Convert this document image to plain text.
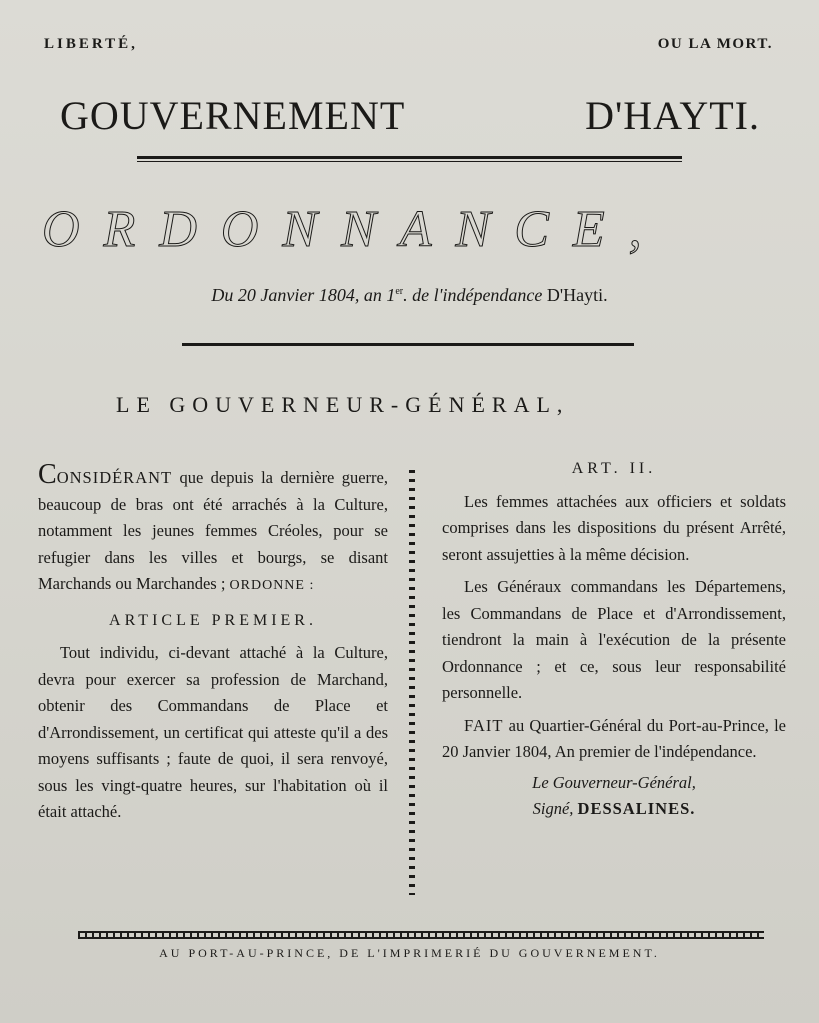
LIBERTÉ,	OU LA MORT.
GOUVERNEMENT	D'HAYTI.
ORDONNANCE,
Du 20 Janvier 1804, an 1er. de l'indépendance D'Hayti.
LE GOUVERNEUR-GÉNÉRAL,

CONSIDÉRANT que depuis la dernière guerre, beaucoup de bras ont été arrachés à la Culture, notamment les jeunes femmes Créoles, pour se refugier dans les villes et bourgs, se disant Marchands ou Marchandes ; ORDONNE :

ARTICLE PREMIER.

Tout individu, ci-devant attaché à la Culture, devra pour exercer sa profession de Marchand, obtenir des Commandans de Place et d'Arrondissement, un certificat qui atteste qu'il a des moyens suffisants ; faute de quoi, il sera renvoyé, sous les vingt-quatre heures, sur l'habitation où il était attaché.

ART. II.

Les femmes attachées aux officiers et soldats comprises dans les dispositions du présent Arrêté, seront assujetties à la même décision.

Les Généraux commandans les Départemens, les Commandans de Place et d'Arrondissement, tiendront la main à l'exécution de la présente Ordonnance ; et ce, sous leur responsabilité personnelle.

FAIT au Quartier-Général du Port-au-Prince, le 20 Janvier 1804, An premier de l'indépendance.

Le Gouverneur-Général,

Signé, DESSALINES.

AU PORT-AU-PRINCE, DE L'IMPRIMERIÉ DU GOUVERNEMENT.
